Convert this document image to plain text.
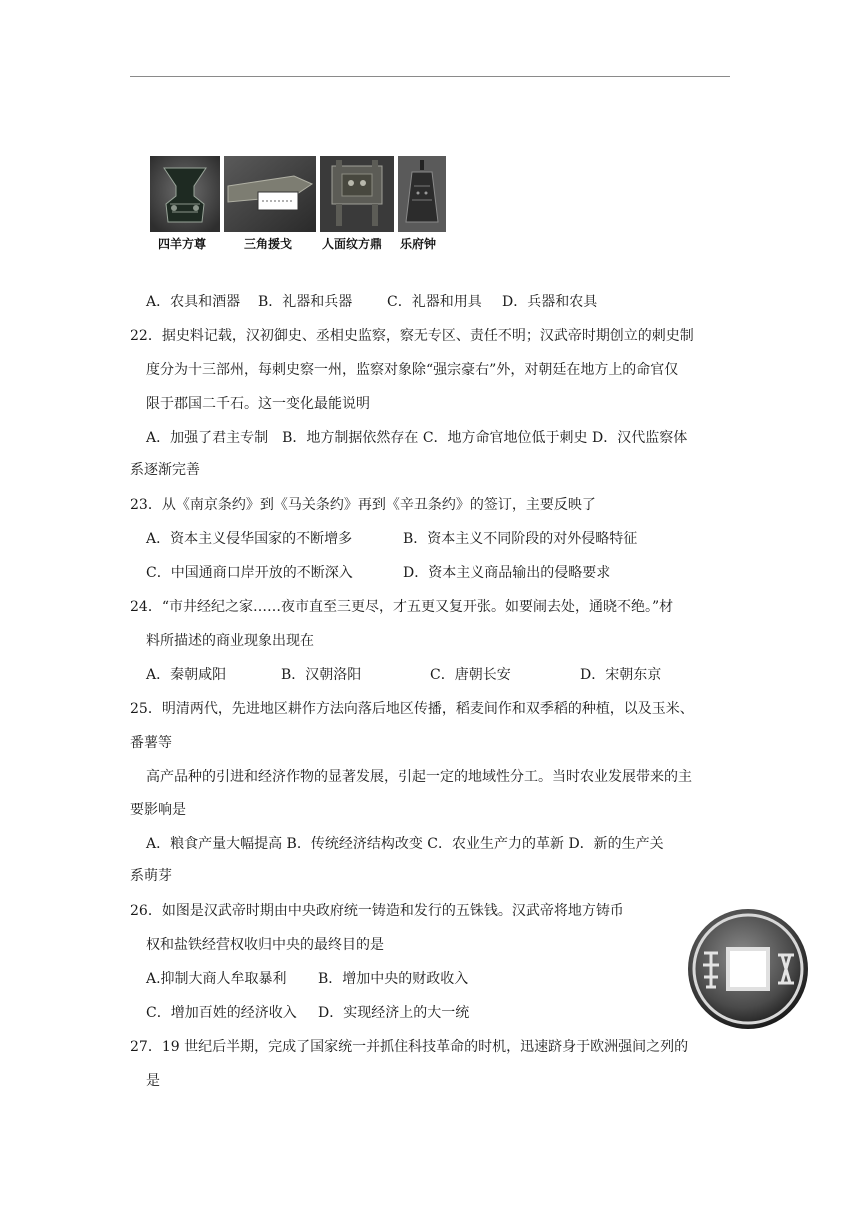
四羊方尊	三角援戈 人面纹方鼎 乐府钟
A．农具和酒器 B．礼器和兵器 C．礼器和用具 D．兵器和农具
22．据史料记载，汉初御史、丞相史监察，察无专区、责任不明；汉武帝时期创立的刺史制
度分为十三部州，每刺史察一州，监察对象除“强宗豪右”外，对朝廷在地方上的命官仅
限于郡国二千石。这一变化最能说明
A．加强了君主专制　B．地方制据依然存在 C．地方命官地位低于刺史 D．汉代监察体
系逐渐完善
23．从《南京条约》到《马关条约》再到《辛丑条约》的签订，主要反映了
A．资本主义侵华国家的不断增多	B．资本主义不同阶段的对外侵略特征
C．中国通商口岸开放的不断深入	D．资本主义商品输出的侵略要求
24．“市井经纪之家……夜市直至三更尽，才五更又复开张。如要闹去处，通晓不绝。”材
料所描述的商业现象出现在
A．秦朝咸阳	B．汉朝洛阳	C．唐朝长安	D．宋朝东京
25．明清两代，先进地区耕作方法向落后地区传播，稻麦间作和双季稻的种植，以及玉米、
番薯等
高产品种的引进和经济作物的显著发展，引起一定的地域性分工。当时农业发展带来的主
要影响是
A．粮食产量大幅提高 B．传统经济结构改变 C．农业生产力的革新 D．新的生产关
系萌芽
26．如图是汉武帝时期由中央政府统一铸造和发行的五铢钱。汉武帝将地方铸币
权和盐铁经营权收归中央的最终目的是
A.抑制大商人牟取暴利 B．增加中央的财政收入
C．增加百姓的经济收入 D．实现经济上的大一统
27．19 世纪后半期，完成了国家统一并抓住科技革命的时机，迅速跻身于欧洲强间之列的
是
